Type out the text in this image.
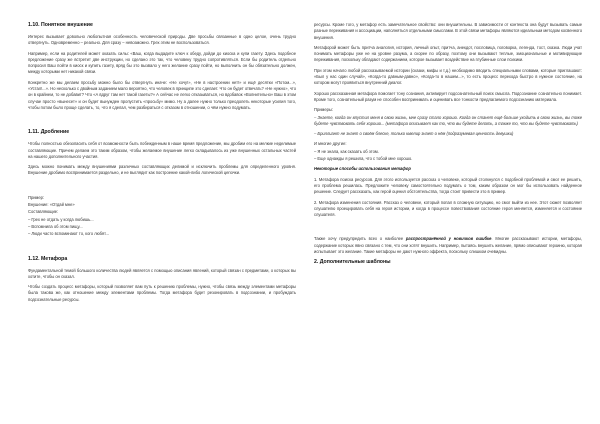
1.10. Понятное внушение
Интерес вызывает довольно любопытная особенность человеческой природы. Две просьбы связанные в одно целое, очень трудно отвергнуть. Одновременно – реально. Для сразу – невозможно. Грех этим не воспользоваться.
Например, если на родителей может оказать силы: «Ваш, когда выдадите ключ к обеду, дойди до киоска и купи газету. Здесь подобное предложение сразу же встретит две инструкции, но сделано это так, что человеку трудно сопротивляться. Если бы родитель отдельно попросил Ваш пойти в киоск и купить газету, вряд бы это вызвало у него желание сразу пойти, но выполнить он бы обязательно должен, между которыми нет никакой связи.
Конкретно же мы делаем просьбу можно было бы отвергнуть иначе: «Не хочу!», «Не в настроении нет!» и ещё десятки «Потом...», «Устал!...». Но несколько с двойным заданием мало вероятно, что человек в принципе это сделает. Что он будет отвечать? «Не нужно», что он в крайнем, то не добавит? Что «А вдруг там нет такой газеты?» А сейчас не легко отказываться, но вдобавок «Волнительно» Ваш в этом случае просто «вынесет» и он будет вынужден пропустить «просьбу» мимо. Ну а далее нужно только преодолеть некоторые усилия того, чтобы потом было проще сделать, то, что я сделал, чем разбираться с отказом в отношении, о чём нужно подумать.
1.11. Дробление
Чтобы полностью обезопасить себя от возможности быть побежденным в наше время предложение, мы дробим его на мелкие неделимые составляющие. Причем делаем это таким образом, чтобы желаемое внушение легко складывалось из уже внушенных остальных частей на нашего дополнительного участия.
Здесь можно понимать между внушениями различных составляющих делимой и исключить проблемы для определенного уровня. Внушение дробимо воспринимается раздельно, и не выглядит как построение какой-либо логической цепочки.
Пример:
Внушение: «Отдай мне»
Составляющие:
– Грех не отдать у когда любишь...
– Вспомнила об этом пищу...
– Люди часто вспоминают то, кого любят...
1.12. Метафора
Фундаментальной темой большого количества людей является с помощью описания явлений, который связан с предметами, о которых вы хотите, чтобы он сказал.
Чтобы создать процесс метафоры, который позволяет вам путь к решению проблемы, нужно, чтобы связь между элементами метафоры была такова же, как отношение между элементами проблемы. Тогда метафора будет резонировать в подсознании, и пробуждать подсознательные ресурсы.
ресурсы. Кроме того, у метафор есть замечательное свойство: они внушительны. В зависимости от контекста она будут вызывать самые разные переживания и ассоциации, наполняться отдельными смыслами. В этой связи метафоры являются идеальным методом косвенного внушения.
Метафорой может быть притча аналогия, история, личный опыт, притча, анекдот, пословица, поговорка, легенда, тост, сказка. Люди учат понимать метафоры уже не на уровне разума, а скорее по образу, поэтому они вызывают теплые, эмоциональные и мотивирующие переживания, поскольку обладают содержанием, которое вызывает воздействие на глубинные слои психики.
При этом начало любой рассказываемой истории (сказки, мифы и т.д.) необходимо вводить специальными словами, которые приглашают: «Был у нас один случай», «Когда-то давным-давно», «Когда-то в нашем...», то есть процесс перехода быстро в нужное состояние, на котором могут проявиться внутренний диалог.
Хорошо рассказанная метафора помогает тону сознания, активирует подсознательный поиск смысла. Подсознание сознательно понимает. Кроме того, сознательный разум не способен воспринимать и оценивать все тонкости предлагаемого подсознанию материала.
Примеры:
– Знаете, когда он впустил меня в свою жизнь, мне сразу стало хорошо. Когда он станет ещё больше уходить в свою жизнь, вы тоже будете чувствовать себя хорошо... (метафора описывает как то, что вы будете делать, а также то, что вы будете чувствовать)
– Бриллиант не знает о своём блеске, только ювелир знает о нём (подразумевая ценность девушки)
И многие другие:
– Я не знала, как сказать об этом.
– Еще однажды я решила, что с тобой мне хорошо.
Некоторые способы использования метафор
1. Метафора поиска ресурсов. Для этого используется рассказ о человеке, который столкнулся с подобной проблемой и смог ее решить, его проблема решилась. Предложите человеку самостоятельно подумать о том, каким образом он мог бы использовать найденное решение. Следует рассказать, как герой оценил обстоятельства, тогда стоит привести это в пример.
2. Метафора изменения состояния. Рассказ о человеке, который попал в сложную ситуацию, но смог выйти из нее. Этот сюжет позволяет слушателю проецировать себя на героя истории, и когда в процессе повествования состояние героя меняется, изменяется и состояние слушателя.
Также хочу предупредить всех о наиболее распространённой у новичков ошибке. Многие рассказывают истории, метафоры, содержание которых явно связано с тем, что они хотят внушить. Например, пытаясь внушить желание, прямо описывают героиню, которая испытывает это желание. Такие метафоры не дают нужного эффекта, поскольку слишком очевидны.
2. Дополнительные шаблоны
